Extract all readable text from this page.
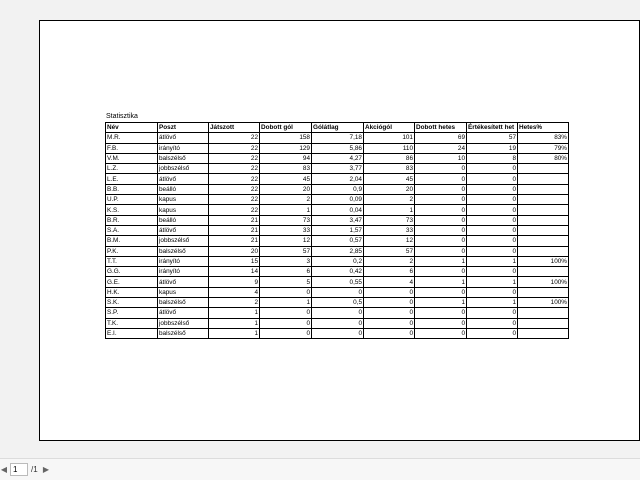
Statisztika
Név	Poszt	Játszott	Dobott gól	Gólátlag	Akciógól	Dobott hetes	Értékesített het	Hetes%
M.R.	átlövő	22	158	7,18	101	69	57	83%
F.B.	irányító	22	129	5,86	110	24	19	79%
V.M.	balszélső	22	94	4,27	86	10	8	80%
L.Z.	jobbszélső	22	83	3,77	83	0	0	
L.E.	átlövő	22	45	2,04	45	0	0	
B.B.	beálló	22	20	0,9	20	0	0	
U.P.	kapus	22	2	0,09	2	0	0	
K.S.	kapus	22	1	0,04	1	0	0	
B.R.	beálló	21	73	3,47	73	0	0	
S.A.	átlövő	21	33	1,57	33	0	0	
B.M.	jobbszélső	21	12	0,57	12	0	0	
P.K.	balszélső	20	57	2,85	57	0	0	
T.T.	irányító	15	3	0,2	2	1	1	100%
G.G.	irányító	14	6	0,42	6	0	0	
G.E.	átlövő	9	5	0,55	4	1	1	100%
H.K.	kapus	4	0	0	0	0	0	
S.K.	balszélső	2	1	0,5	0	1	1	100%
S.P.	átlövő	1	0	0	0	0	0	
T.K.	jobbszélső	1	0	0	0	0	0	
E.I.	balszélső	1	0	0	0	0	0	
◀
1	/1 ▶
